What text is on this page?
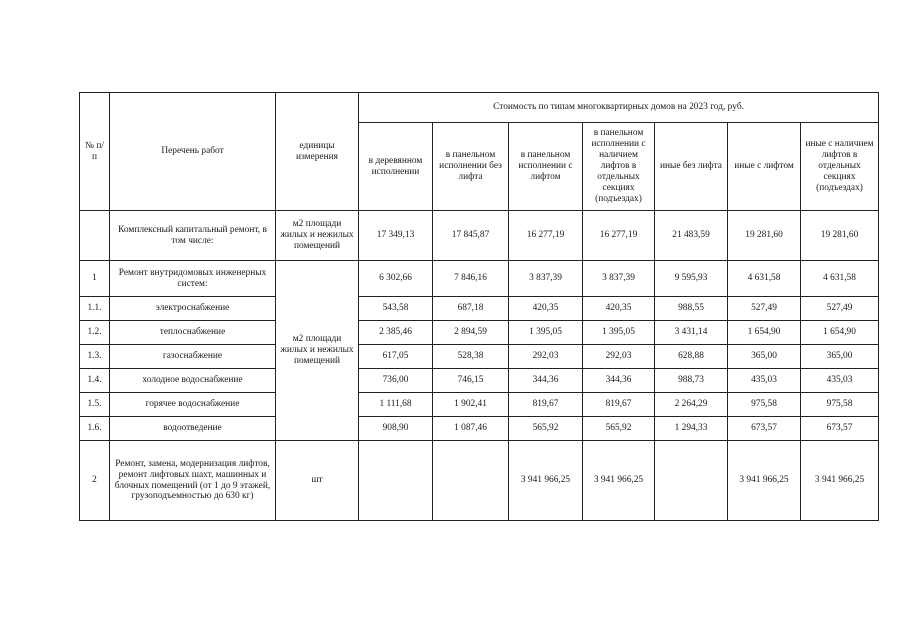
№ п/п	Перечень работ	единицы измерения	Стоимость по типам многоквартирных домов на 2023 год, руб.						
			в деревянном исполнении	в панельном исполнении без лифта	в панельном исполнении с лифтом	в панельном исполнении с наличием лифтов в отдельных секциях (подъездах)	иные без лифта	иные с лифтом	иные с наличием лифтов в отдельных секциях (подъездах)
	Комплексный капитальный ремонт, в том числе:	м2 площади жилых и нежилых помещений	17 349,13	17 845,87	16 277,19	16 277,19	21 483,59	19 281,60	19 281,60
1	Ремонт внутридомовых инженерных систем:	м2 площади жилых и нежилых помещений	6 302,66	7 846,16	3 837,39	3 837,39	9 595,93	4 631,58	4 631,58
1.1.	электроснабжение		543,58	687,18	420,35	420,35	988,55	527,49	527,49
1.2.	теплоснабжение		2 385,46	2 894,59	1 395,05	1 395,05	3 431,14	1 654,90	1 654,90
1.3.	газоснабжение		617,05	528,38	292,03	292,03	628,88	365,00	365,00
1.4.	холодное водоснабжение		736,00	746,15	344,36	344,36	988,73	435,03	435,03
1.5.	горячее водоснабжение		1 111,68	1 902,41	819,67	819,67	2 264,29	975,58	975,58
1.6.	водоотведение		908,90	1 087,46	565,92	565,92	1 294,33	673,57	673,57
2	Ремонт, замена, модернизация лифтов, ремонт лифтовых шахт, машинных и блочных помещений (от 1 до 9 этажей, грузоподъемностью до 630 кг)	шт			3 941 966,25	3 941 966,25		3 941 966,25	3 941 966,25
